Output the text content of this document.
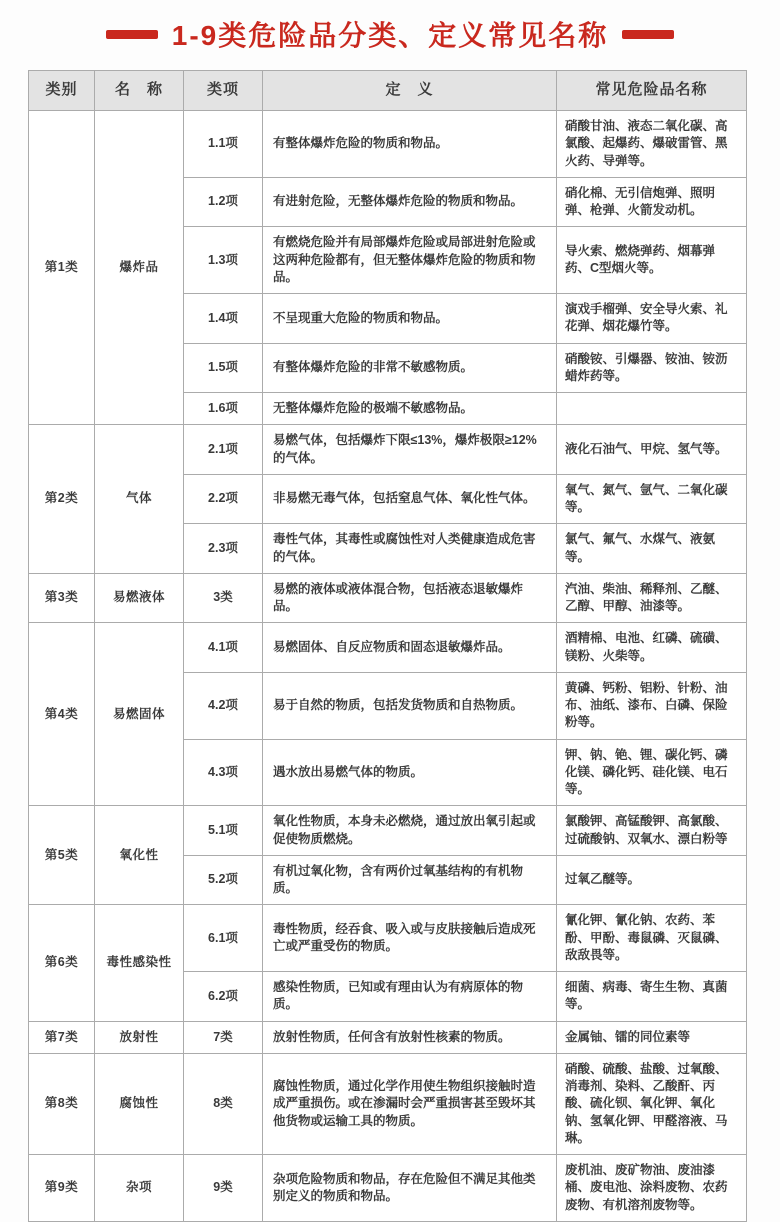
1-9类危险品分类、定义常见名称
类别	名　称	类项	定　义	常见危险品名称
第1类	爆炸品	1.1项	有整体爆炸危险的物质和物品。	硝酸甘油、液态二氧化碳、高氯酸、起爆药、爆破雷管、黑火药、导弹等。
		1.2项	有进射危险，无整体爆炸危险的物质和物品。	硝化棉、无引信炮弹、照明弹、枪弹、火箭发动机。
		1.3项	有燃烧危险并有局部爆炸危险或局部进射危险或这两种危险都有，但无整体爆炸危险的物质和物品。	导火索、燃烧弹药、烟幕弹药、C型烟火等。
		1.4项	不呈现重大危险的物质和物品。	演戏手榴弹、安全导火索、礼花弹、烟花爆竹等。
		1.5项	有整体爆炸危险的非常不敏感物质。	硝酸铵、引爆器、铵油、铵沥蜡炸药等。
		1.6项	无整体爆炸危险的极端不敏感物品。	
第2类	气体	2.1项	易燃气体，包括爆炸下限≤13%，爆炸极限≥12%的气体。	液化石油气、甲烷、氢气等。
		2.2项	非易燃无毒气体，包括窒息气体、氧化性气体。	氧气、氮气、氩气、二氧化碳等。
		2.3项	毒性气体，其毒性或腐蚀性对人类健康造成危害的气体。	氯气、氟气、水煤气、液氨等。
第3类	易燃液体	3类	易燃的液体或液体混合物，包括液态退敏爆炸品。	汽油、柴油、稀释剂、乙醚、乙醇、甲醇、油漆等。
第4类	易燃固体	4.1项	易燃固体、自反应物质和固态退敏爆炸品。	酒精棉、电池、红磷、硫磺、镁粉、火柴等。
		4.2项	易于自然的物质，包括发货物质和自热物质。	黄磷、钙粉、铝粉、针粉、油布、油纸、漆布、白磷、保险粉等。
		4.3项	遇水放出易燃气体的物质。	钾、钠、铯、锂、碳化钙、磷化镁、磷化钙、硅化镁、电石等。
第5类	氧化性	5.1项	氧化性物质，本身未必燃烧，通过放出氧引起或促使物质燃烧。	氯酸钾、高锰酸钾、高氯酸、过硫酸钠、双氧水、漂白粉等
		5.2项	有机过氧化物，含有两价过氧基结构的有机物质。	过氧乙醚等。
第6类	毒性感染性	6.1项	毒性物质，经吞食、吸入或与皮肤接触后造成死亡或严重受伤的物质。	氰化钾、氰化钠、农药、苯酚、甲酚、毒鼠磷、灭鼠磷、敌敌畏等。
		6.2项	感染性物质，已知或有理由认为有病原体的物质。	细菌、病毒、寄生生物、真菌等。
第7类	放射性	7类	放射性物质，任何含有放射性核素的物质。	金属铀、镭的同位素等
第8类	腐蚀性	8类	腐蚀性物质，通过化学作用使生物组织接触时造成严重损伤。或在渗漏时会严重损害甚至毁坏其他货物或运输工具的物质。	硝酸、硫酸、盐酸、过氧酸、消毒剂、染料、乙酸酐、丙酸、硫化钡、氧化钾、氧化钠、氢氧化钾、甲醛溶液、马琳。
第9类	杂项	9类	杂项危险物质和物品，存在危险但不满足其他类别定义的物质和物品。	废机油、废矿物油、废油漆桶、废电池、涂料废物、农药废物、有机溶剂废物等。
